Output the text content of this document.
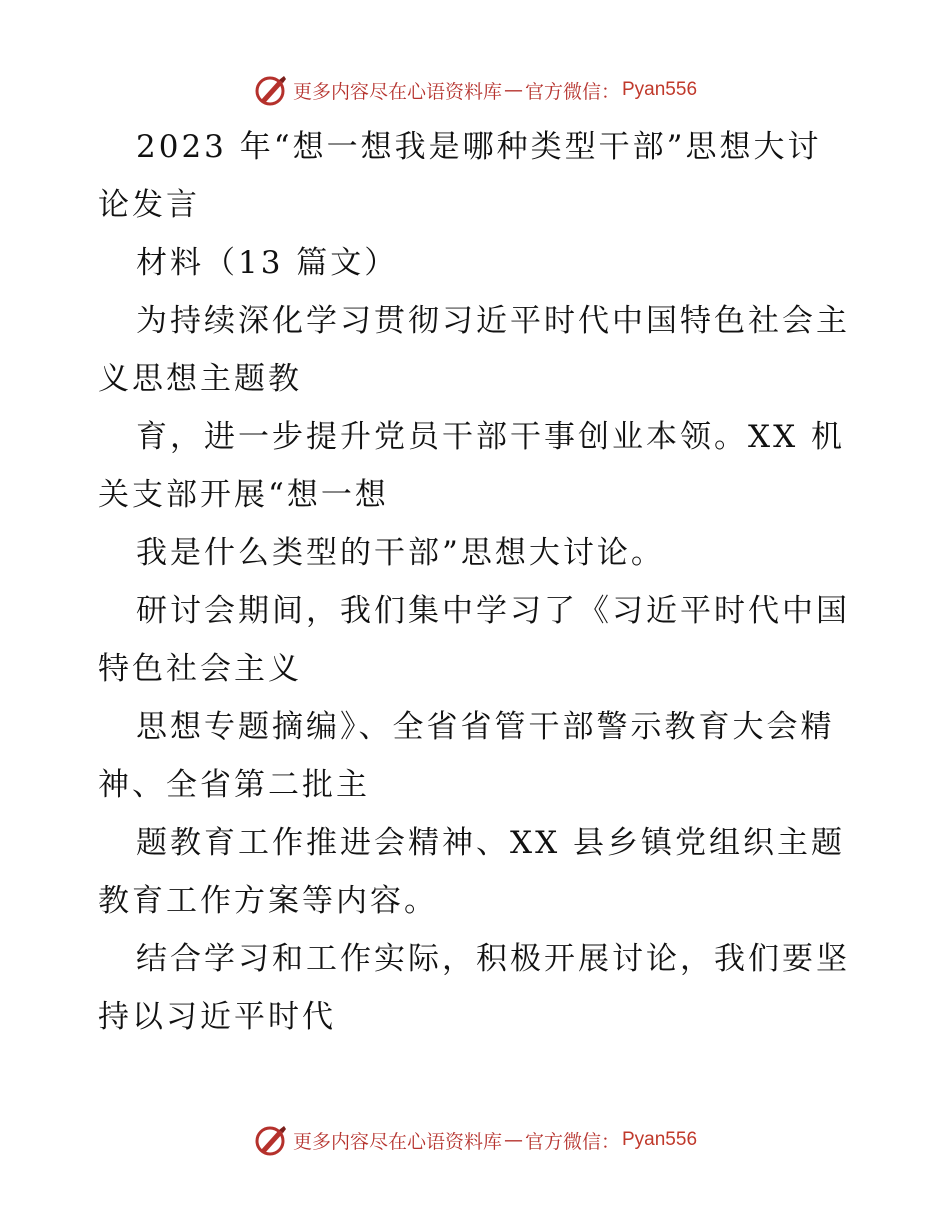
更多内容尽在心语资料库 — 官方微信： Pyan556

2023 年“想一想我是哪种类型干部”思想大讨

论发言

材料（13 篇文）

为持续深化学习贯彻习近平时代中国特色社会主

义思想主题教

育，进一步提升党员干部干事创业本领。XX 机

关支部开展“想一想

我是什么类型的干部”思想大讨论。

研讨会期间，我们集中学习了《习近平时代中国

特色社会主义

思想专题摘编》、全省省管干部警示教育大会精

神、全省第二批主

题教育工作推进会精神、XX 县乡镇党组织主题

教育工作方案等内容。

结合学习和工作实际，积极开展讨论，我们要坚

持以习近平时代

更多内容尽在心语资料库 — 官方微信： Pyan556
